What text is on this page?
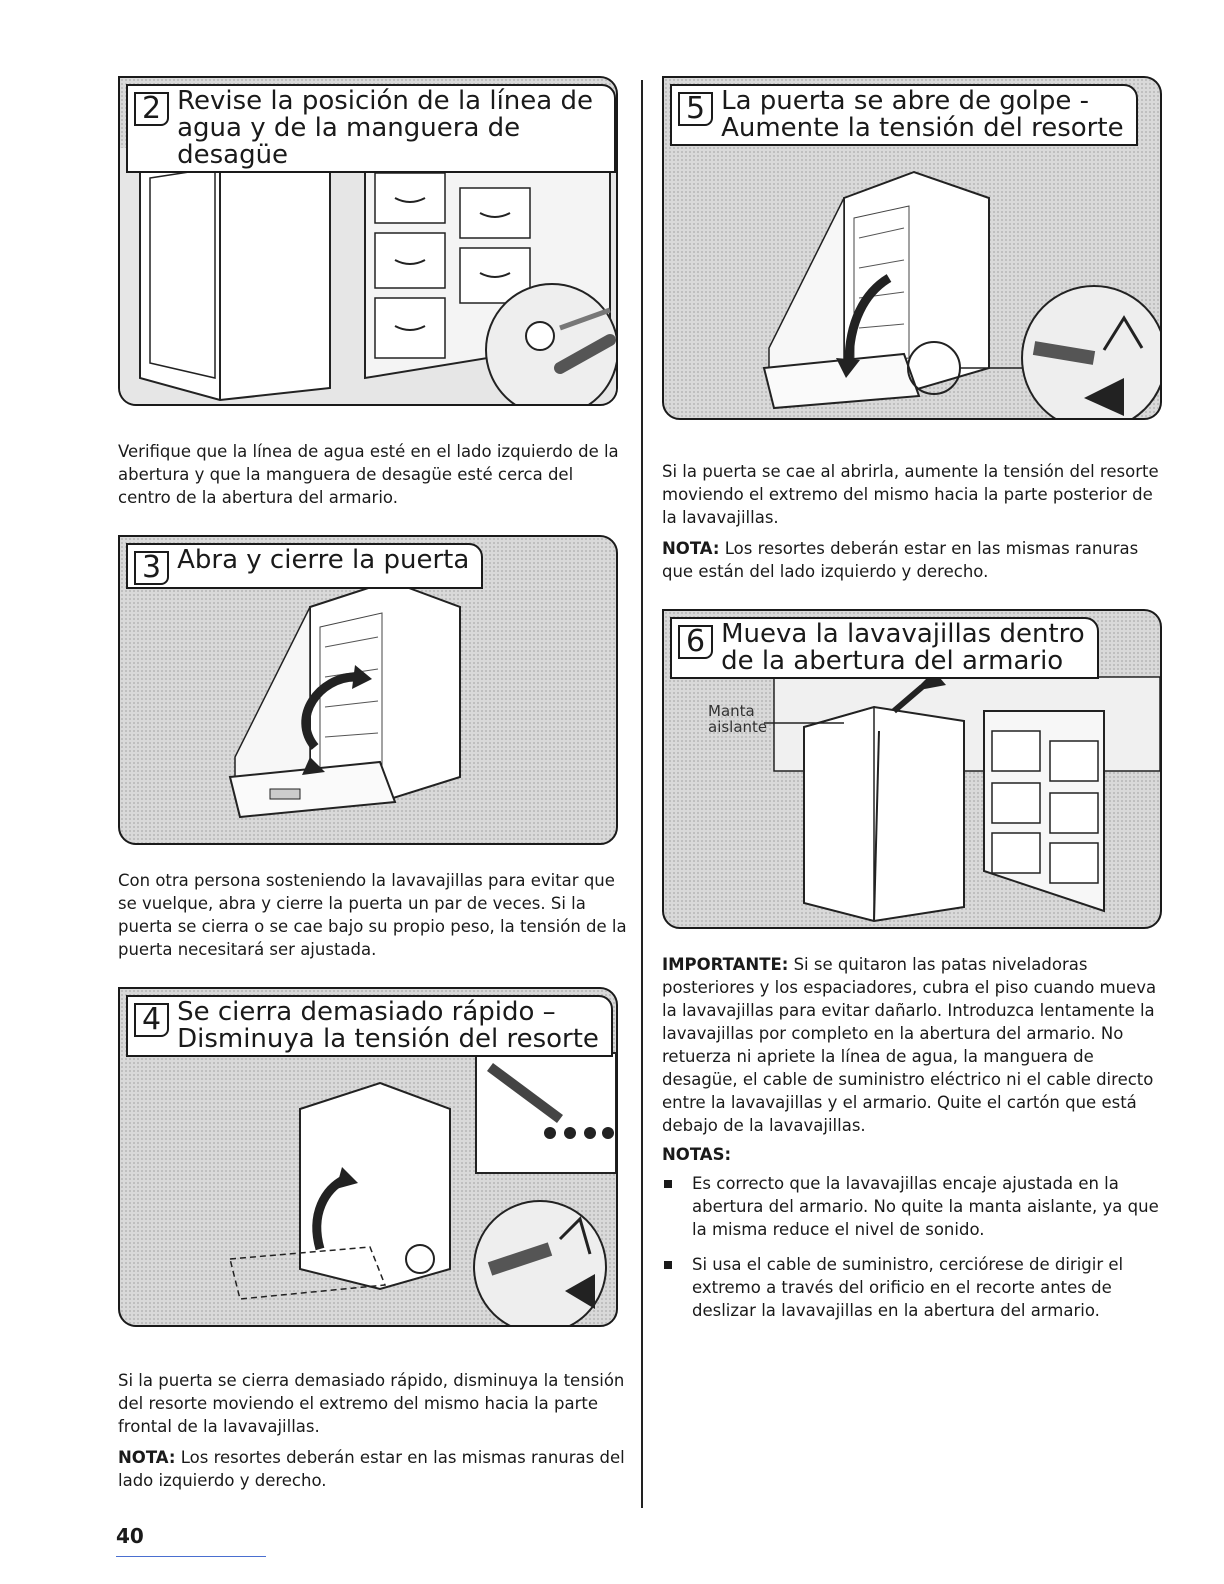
2 Revise la posición de la línea de
agua y de la manguera de desagüe

Verifique que la línea de agua esté en el lado izquierdo de la abertura y que la manguera de desagüe esté cerca del centro de la abertura del armario.

3 Abra y cierre la puerta

Con otra persona sosteniendo la lavavajillas para evitar que se vuelque, abra y cierre la puerta un par de veces. Si la puerta se cierra o se cae bajo su propio peso, la tensión de la puerta necesitará ser ajustada.

4 Se cierra demasiado rápido –
Disminuya la tensión del resorte

Si la puerta se cierra demasiado rápido, disminuya la tensión del resorte moviendo el extremo del mismo hacia la parte frontal de la lavavajillas.

NOTA: Los resortes deberán estar en las mismas ranuras del lado izquierdo y derecho.

5 La puerta se abre de golpe -
Aumente la tensión del resorte

Si la puerta se cae al abrirla, aumente la tensión del resorte moviendo el extremo del mismo hacia la parte posterior de la lavavajillas.

NOTA: Los resortes deberán estar en las mismas ranuras que están del lado izquierdo y derecho.

Manta
aislante
6 Mueva la lavavajillas dentro
de la abertura del armario

IMPORTANTE: Si se quitaron las patas niveladoras posteriores y los espaciadores, cubra el piso cuando mueva la lavavajillas para evitar dañarlo. Introduzca lentamente la lavavajillas por completo en la abertura del armario. No retuerza ni apriete la línea de agua, la manguera de desagüe, el cable de suministro eléctrico ni el cable directo entre la lavavajillas y el armario. Quite el cartón que está debajo de la lavavajillas.

NOTAS:

Es correcto que la lavavajillas encaje ajustada en la abertura del armario. No quite la manta aislante, ya que la misma reduce el nivel de sonido.
Si usa el cable de suministro, cerciórese de dirigir el extremo a través del orificio en el recorte antes de deslizar la lavavajillas en la abertura del armario.
40
